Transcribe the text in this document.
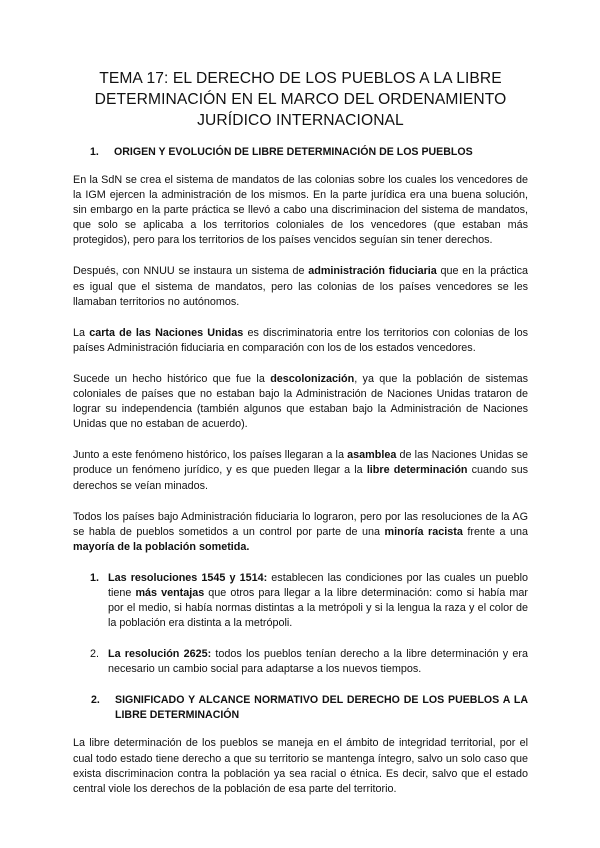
TEMA 17: EL DERECHO DE LOS PUEBLOS A LA LIBRE
DETERMINACIÓN EN EL MARCO DEL ORDENAMIENTO
JURÍDICO INTERNACIONAL
1.	ORIGEN Y EVOLUCIÓN DE LIBRE DETERMINACIÓN DE LOS PUEBLOS

En la SdN se crea el sistema de mandatos de las colonias sobre los cuales los vencedores de la IGM ejercen la administración de los mismos. En la parte jurídica era una buena solución, sin embargo en la parte práctica se llevó a cabo una discriminacion del sistema de mandatos, que solo se aplicaba a los territorios coloniales de los vencedores (que estaban más protegidos), pero para los territorios de los países vencidos seguían sin tener derechos.

Después, con NNUU se instaura un sistema de administración fiduciaria que en la práctica es igual que el sistema de mandatos, pero las colonias de los países vencedores se les llamaban territorios no autónomos.

La carta de las Naciones Unidas es discriminatoria entre los territorios con colonias de los países Administración fiduciaria en comparación con los de los estados vencedores.

Sucede un hecho histórico que fue la descolonización, ya que la población de sistemas coloniales de países que no estaban bajo la Administración de Naciones Unidas trataron de lograr su independencia (también algunos que estaban bajo la Administración de Naciones Unidas que no estaban de acuerdo).

Junto a este fenómeno histórico, los países llegaran a la asamblea de las Naciones Unidas se produce un fenómeno jurídico, y es que pueden llegar a la libre determinación cuando sus derechos se veían minados.

Todos los países bajo Administración fiduciaria lo lograron, pero por las resoluciones de la AG se habla de pueblos sometidos a un control por parte de una minoría racista frente a una mayoría de la población sometida.

1. Las resoluciones 1545 y 1514: establecen las condiciones por las cuales un pueblo tiene más ventajas que otros para llegar a la libre determinación: como si había mar por el medio, si había normas distintas a la metrópoli y si la lengua la raza y el color de la población era distinta a la metrópoli.
2. La resolución 2625: todos los pueblos tenían derecho a la libre determinación y era necesario un cambio social para adaptarse a los nuevos tiempos.
2.	SIGNIFICADO Y ALCANCE NORMATIVO DEL DERECHO DE LOS PUEBLOS A LA LIBRE DETERMINACIÓN

La libre determinación de los pueblos se maneja en el ámbito de integridad territorial, por el cual todo estado tiene derecho a que su territorio se mantenga íntegro, salvo un solo caso que exista discriminacion contra la población ya sea racial o étnica. Es decir, salvo que el estado central viole los derechos de la población de esa parte del territorio.
